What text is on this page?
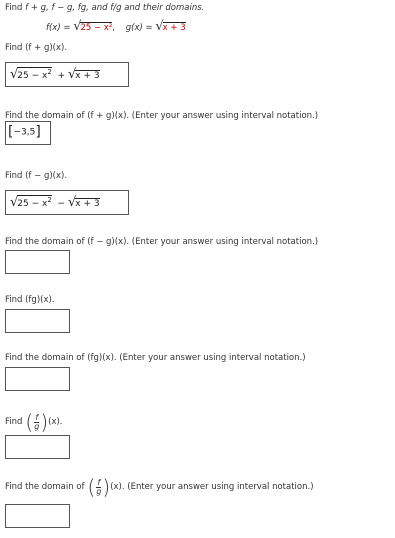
Find f + g, f − g, fg, and f/g and their domains.
f(x) = √25 − x², g(x) = √x + 3
Find (f + g)(x).
$√25 - x^2 + √x + 3$
Find the domain of (f + g)(x). (Enter your answer using interval notation.)
[−3,5]
Find (f − g)(x).
$√25 - x^2 - √x + 3$
Find the domain of (f − g)(x). (Enter your answer using interval notation.)
Find (fg)(x).
Find the domain of (fg)(x). (Enter your answer using interval notation.)
Find ( $\frac{f}{g}$ ) (x).
Find the domain of ( $\frac{f}{g}$ ) (x). (Enter your answer using interval notation.)
